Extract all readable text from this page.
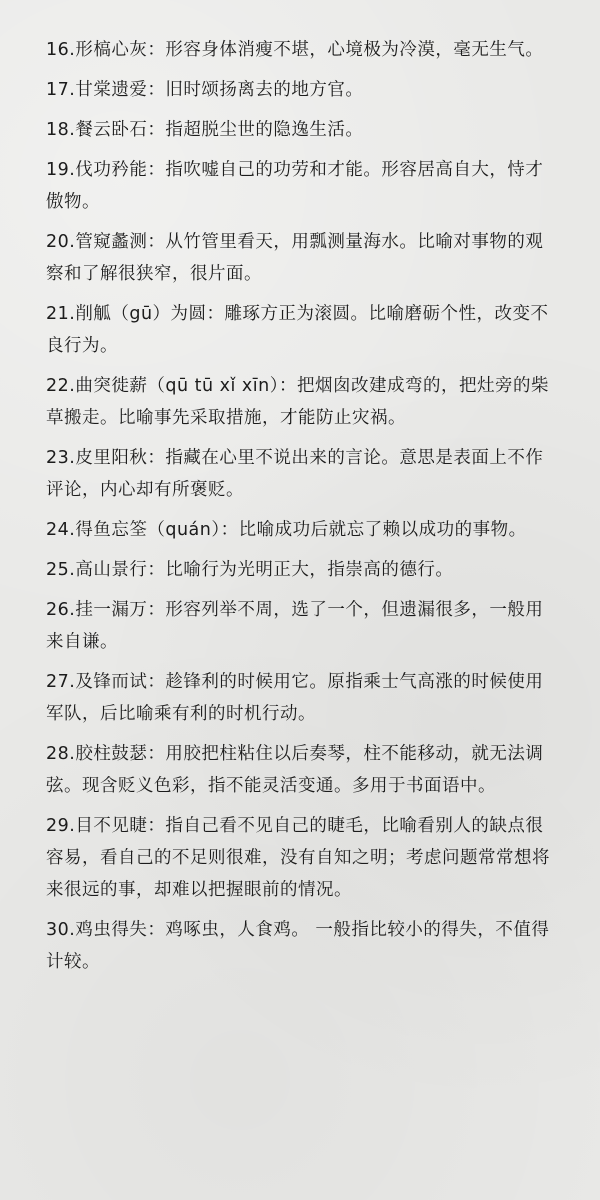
16.形槁心灰：形容身体消瘦不堪，心境极为冷漠，毫无生气。

17.甘棠遗爱：旧时颂扬离去的地方官。

18.餐云卧石：指超脱尘世的隐逸生活。

19.伐功矜能：指吹嘘自己的功劳和才能。形容居高自大，恃才傲物。

20.管窥蠡测：从竹管里看天，用瓢测量海水。比喻对事物的观察和了解很狭窄，很片面。

21.削觚（gū）为圆：雕琢方正为滚圆。比喻磨砺个性，改变不良行为。

22.曲突徙薪（qū tū xǐ xīn）：把烟囱改建成弯的，把灶旁的柴草搬走。比喻事先采取措施，才能防止灾祸。

23.皮里阳秋：指藏在心里不说出来的言论。意思是表面上不作评论，内心却有所褒贬。

24.得鱼忘筌（quán）：比喻成功后就忘了赖以成功的事物。

25.高山景行：比喻行为光明正大，指崇高的德行。

26.挂一漏万：形容列举不周，选了一个，但遗漏很多，一般用来自谦。

27.及锋而试：趁锋利的时候用它。原指乘士气高涨的时候使用军队，后比喻乘有利的时机行动。

28.胶柱鼓瑟：用胶把柱粘住以后奏琴，柱不能移动，就无法调弦。现含贬义色彩，指不能灵活变通。多用于书面语中。

29.目不见睫：指自己看不见自己的睫毛，比喻看别人的缺点很容易，看自己的不足则很难，没有自知之明；考虑问题常常想将来很远的事，却难以把握眼前的情况。

30.鸡虫得失：鸡啄虫，人食鸡。 一般指比较小的得失，不值得计较。
